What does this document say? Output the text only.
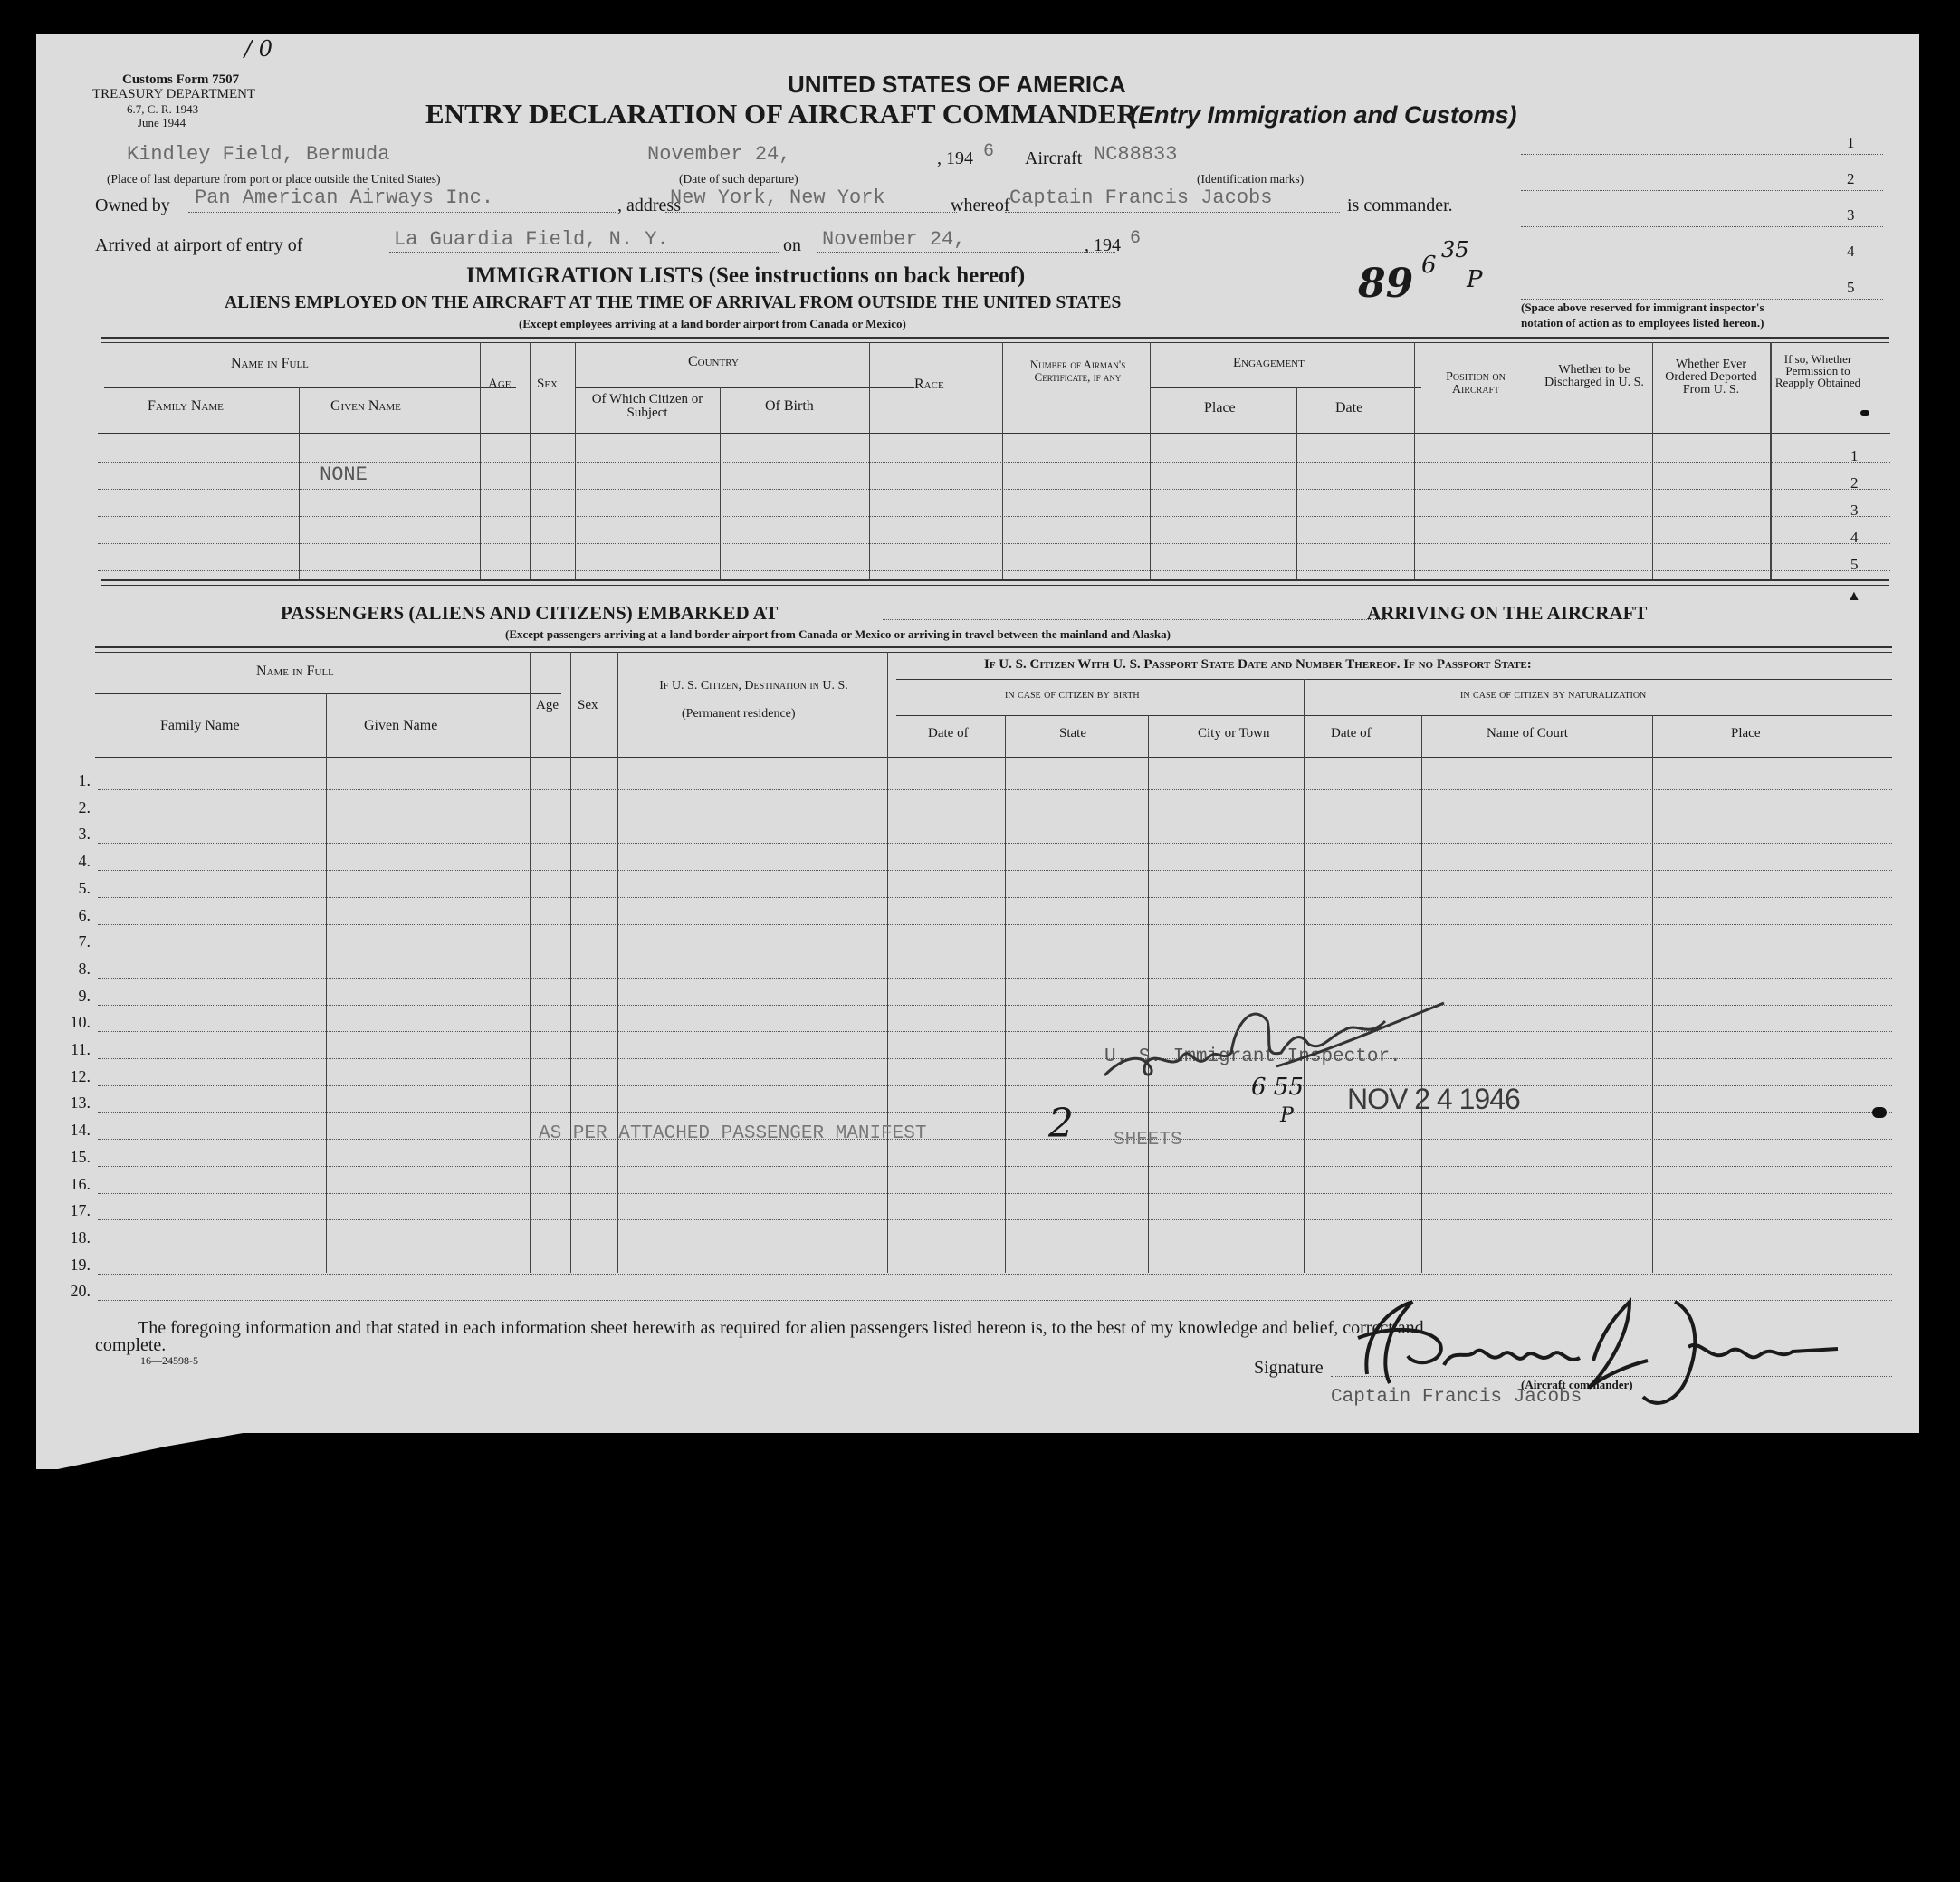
Customs Form 7507
TREASURY DEPARTMENT
6.7, C. R. 1943
June 1944
/ 0
UNITED STATES OF AMERICA
ENTRY DECLARATION OF AIRCRAFT COMMANDER
(Entry Immigration and Customs)
Kindley Field, Bermuda
(Place of last departure from port or place outside the United States)
November 24,
(Date of such departure)
, 194 6 Aircraft NC88833
(Identification marks)
Owned by Pan American Airways Inc.	, address
New York, New York	whereof Captain Francis Jacobs	is commander.
Arrived at airport of entry of	La Guardia Field, N. Y.	on November 24,	, 194 6
1
2
3
4
5
(Space above reserved for immigrant inspector's
notation of action as to employees listed hereon.)
89 6
35
P
IMMIGRATION LISTS (See instructions on back hereof)
ALIENS EMPLOYED ON THE AIRCRAFT AT THE TIME OF ARRIVAL FROM OUTSIDE THE UNITED STATES
(Except employees arriving at a land border airport from Canada or Mexico)
Name in Full
Family Name	Given Name
Age Sex
Country
Of Which Citizen or Subject	Of Birth
Race
Number of Airman's Certificate, if any
Engagement
Place	Date
Position on Aircraft
Whether to be Discharged in U. S.
Whether Ever Ordered Deported From U. S.
If so, Whether Permission to Reapply Obtained
1
2
3
4
5
NONE
PASSENGERS (ALIENS AND CITIZENS) EMBARKED AT	ARRIVING ON THE AIRCRAFT
(Except passengers arriving at a land border airport from Canada or Mexico or arriving in travel between the mainland and Alaska)
Name in Full
Family Name	Given Name
Age Sex
If U. S. Citizen, Destination in U. S.
(Permanent residence)
If U. S. Citizen With U. S. Passport State Date and Number Thereof. If no Passport State:
in case of citizen by birth	in case of citizen by naturalization
Date of	State	City or Town	Date of	Name of Court	Place
1.
2.
3.
4.
5.
6.
7.
8.
9.
10.
11.
12.
13.
14.
15.
16.
17.
18.
19.
20.
AS PER ATTACHED PASSENGER MANIFEST	2 SHEETS
U. S. Immigrant Inspector.
6 55
P
NOV 2 4 1946
The foregoing information and that stated in each information sheet herewith as required for alien passengers listed hereon is, to the best of my knowledge and belief, correct and
complete.
16—24598-5	Signature
(Aircraft commander)
Captain Francis Jacobs
▲
